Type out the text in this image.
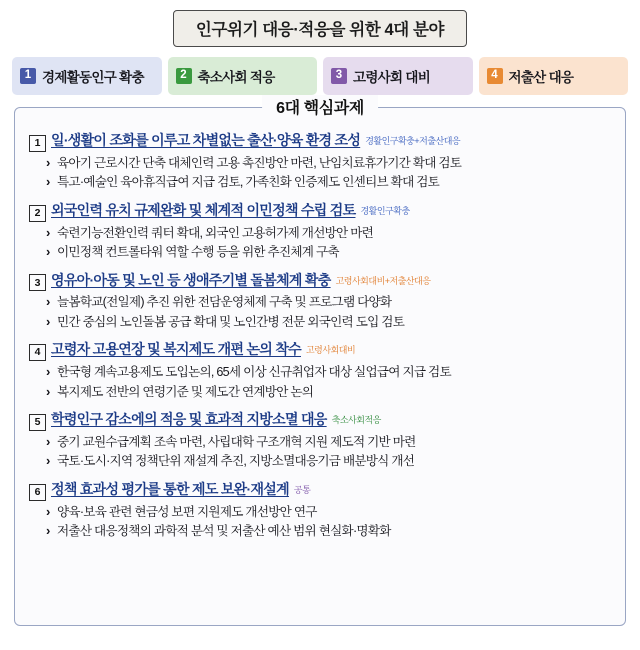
인구위기 대응·적응을 위한 4대 분야
1 경제활동인구 확충	2 축소사회 적응	3 고령사회 대비	4 저출산 대응
6대 핵심과제
1 일·생활이 조화를 이루고 차별없는 출산·양육 환경 조성 경활인구확충+저출산대응
› 육아기 근로시간 단축 대체인력 고용 촉진방안 마련, 난임치료휴가기간 확대 검토
› 특고·예술인 육아휴직급여 지급 검토, 가족친화 인증제도 인센티브 확대 검토
2 외국인력 유치 규제완화 및 체계적 이민정책 수립 검토 경활인구확충
› 숙련기능전환인력 쿼터 확대, 외국인 고용허가제 개선방안 마련
› 이민정책 컨트롤타워 역할 수행 등을 위한 추진체계 구축
3 영유아·아동 및 노인 등 생애주기별 돌봄체계 확충 고령사회대비+저출산대응
› 늘봄학교(전일제) 추진 위한 전담운영체제 구축 및 프로그램 다양화
› 민간 중심의 노인돌봄 공급 확대 및 노인간병 전문 외국인력 도입 검토
4 고령자 고용연장 및 복지제도 개편 논의 착수 고령사회대비
› 한국형 계속고용제도 도입논의, 65세 이상 신규취업자 대상 실업급여 지급 검토
› 복지제도 전반의 연령기준 및 제도간 연계방안 논의
5 학령인구 감소에의 적응 및 효과적 지방소멸 대응 축소사회적응
› 중기 교원수급계획 조속 마련, 사립대학 구조개혁 지원 제도적 기반 마련
› 국토·도시·지역 정책단위 재설계 추진, 지방소멸대응기금 배분방식 개선
6 정책 효과성 평가를 통한 제도 보완·재설계 공통
› 양육·보육 관련 현금성 보편 지원제도 개선방안 연구
› 저출산 대응정책의 과학적 분석 및 저출산 예산 범위 현실화·명확화
